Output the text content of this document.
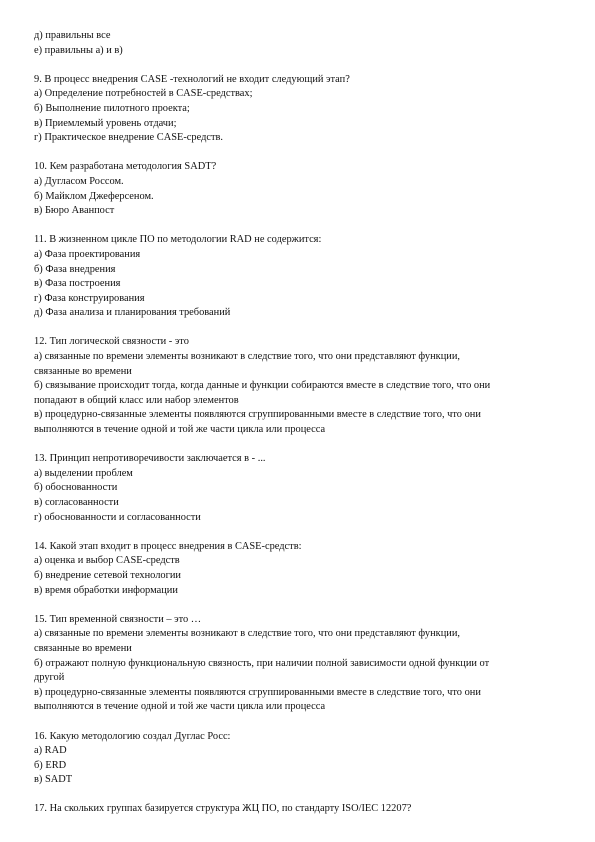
д) правильны все
е) правильны а) и в)
9. В процесс внедрения CASE -технологий не входит следующий этап?
а) Определение потребностей в CASE-средствах;
б) Выполнение пилотного проекта;
в) Приемлемый уровень отдачи;
г) Практическое внедрение CASE-средств.
10. Кем разработана методология SADT?
а) Дугласом Россом.
б) Майклом Джеферсеном.
в) Бюро Аванпост
11. В жизненном цикле ПО по методологии RAD не содержится:
а) Фаза проектирования
б) Фаза внедрения
в) Фаза построения
г) Фаза конструирования
д) Фаза анализа и планирования требований
12. Тип логической связности - это
а) связанные по времени элементы возникают в следствие того, что они представляют функции,
связанные во времени
б) связывание происходит тогда, когда данные и функции собираются вместе в следствие того, что они
попадают в общий класс или набор элементов
в) процедурно-связанные элементы появляются сгруппированными вместе в следствие того, что они
выполняются в течение одной и той же части цикла или процесса
13. Принцип непротиворечивости заключается в - ...
а) выделении проблем
б) обоснованности
в) согласованности
г) обоснованности и согласованности
14. Какой этап входит в процесс внедрения в CASE-средств:
а) оценка и выбор CASE-средств
б) внедрение сетевой технологии
в) время обработки информации
15. Тип временной связности – это …
а) связанные по времени элементы возникают в следствие того, что они представляют функции,
связанные во времени
б) отражают полную функциональную связность, при наличии полной зависимости одной функции от
другой
в) процедурно-связанные элементы появляются сгруппированными вместе в следствие того, что они
выполняются в течение одной и той же части цикла или процесса
16. Какую методологию создал Дуглас Росс:
а) RAD
б) ERD
в) SADT
17. На скольких группах базируется структура ЖЦ ПО, по стандарту ISO/IEC 12207?
